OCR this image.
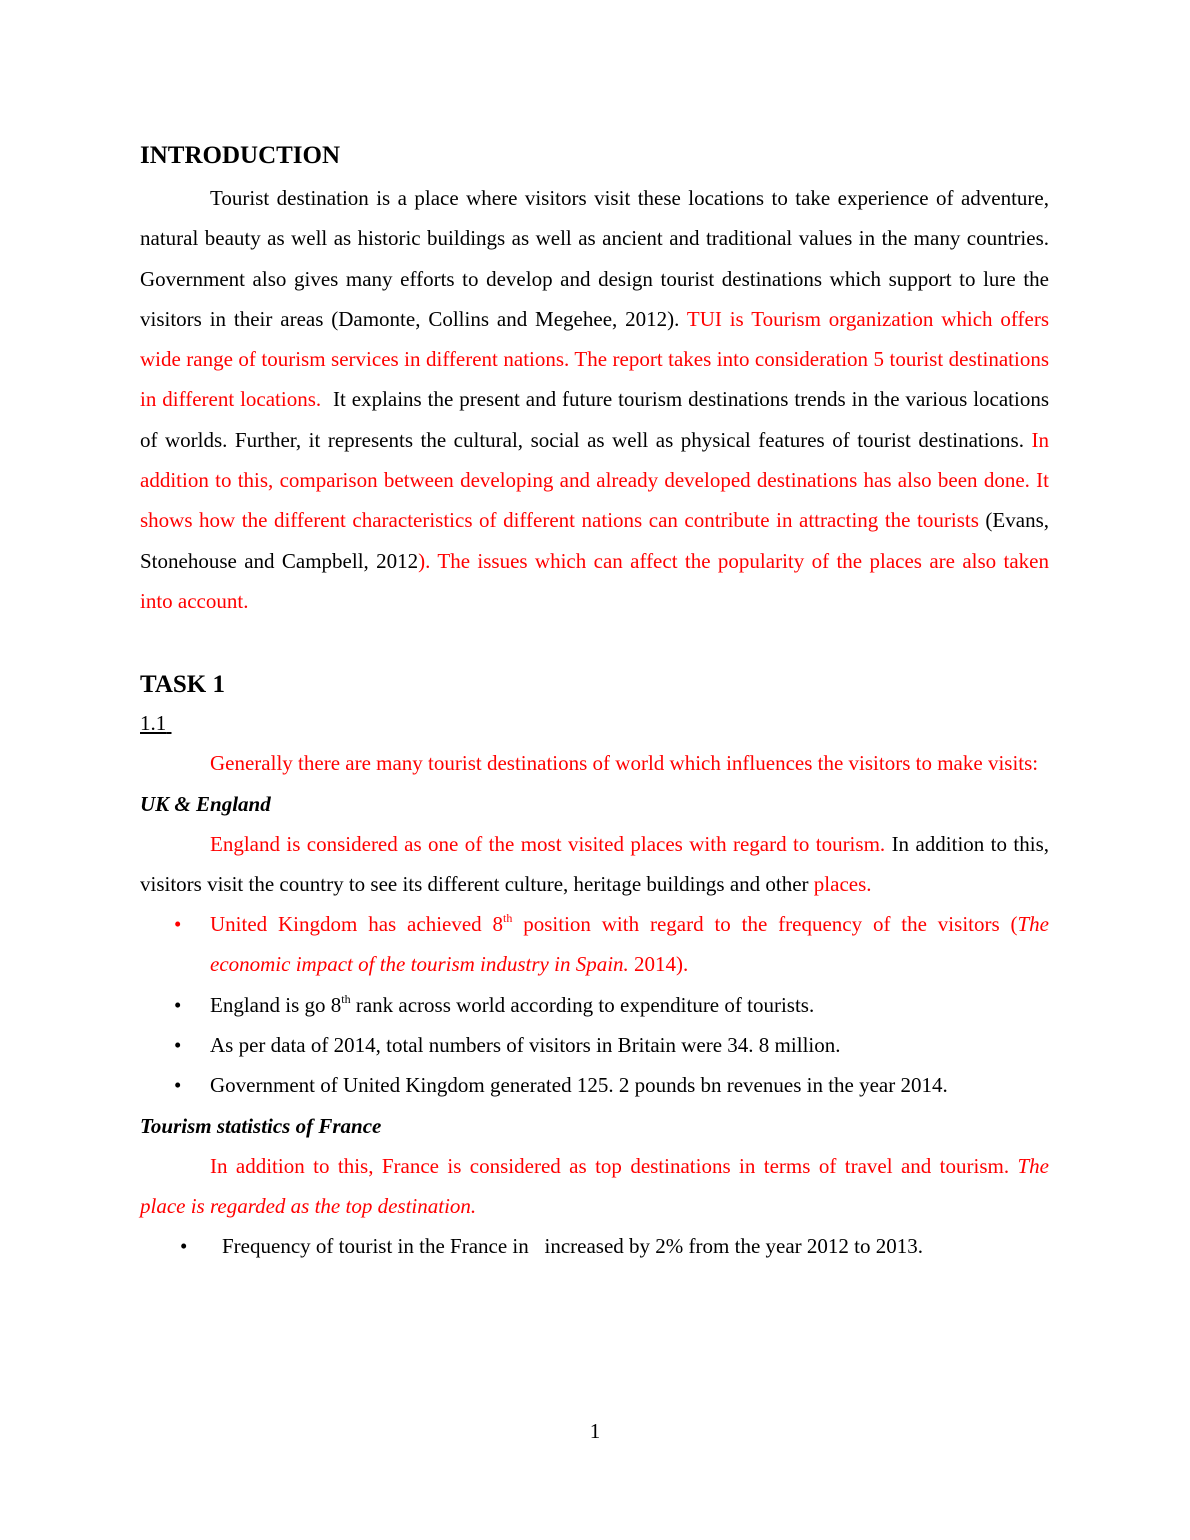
INTRODUCTION

Tourist destination is a place where visitors visit these locations to take experience of adventure, natural beauty as well as historic buildings as well as ancient and traditional values in the many countries. Government also gives many efforts to develop and design tourist destinations which support to lure the visitors in their areas (Damonte, Collins and Megehee, 2012). TUI is Tourism organization which offers wide range of tourism services in different nations. The report takes into consideration 5 tourist destinations in different locations. It explains the present and future tourism destinations trends in the various locations of worlds. Further, it represents the cultural, social as well as physical features of tourist destinations. In addition to this, comparison between developing and already developed destinations has also been done. It shows how the different characteristics of different nations can contribute in attracting the tourists (Evans, Stonehouse and Campbell, 2012). The issues which can affect the popularity of the places are also taken into account.

TASK 1
1.1

Generally there are many tourist destinations of world which influences the visitors to make visits:

UK & England

England is considered as one of the most visited places with regard to tourism. In addition to this, visitors visit the country to see its different culture, heritage buildings and other places.

• United Kingdom has achieved 8th position with regard to the frequency of the visitors (The economic impact of the tourism industry in Spain. 2014).
• England is go 8th rank across world according to expenditure of tourists.
• As per data of 2014, total numbers of visitors in Britain were 34. 8 million.
• Government of United Kingdom generated 125. 2 pounds bn revenues in the year 2014.
Tourism statistics of France

In addition to this, France is considered as top destinations in terms of travel and tourism. The place is regarded as the top destination.

• Frequency of tourist in the France in   increased by 2% from the year 2012 to 2013.
1
